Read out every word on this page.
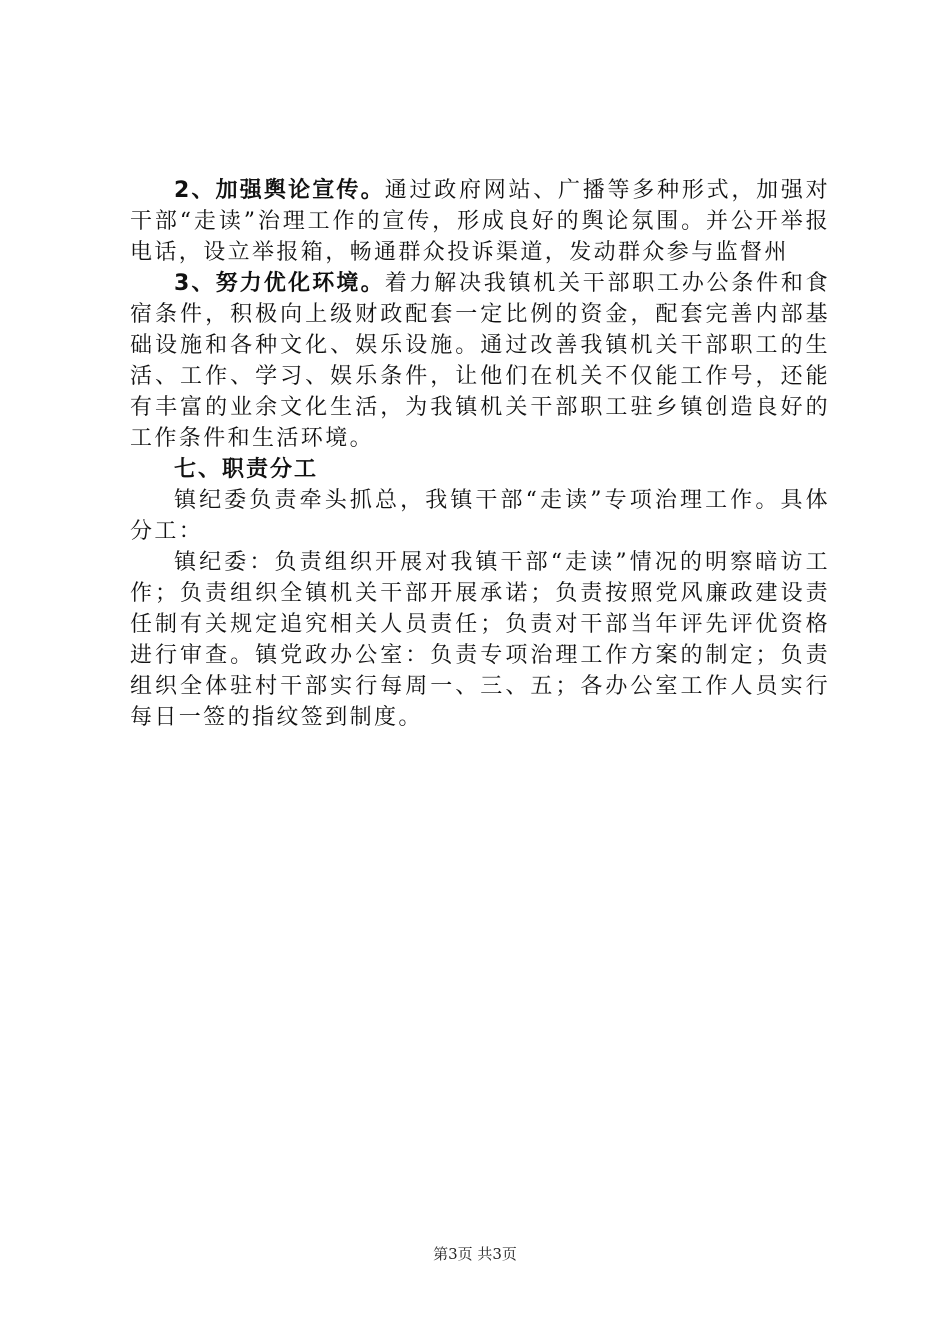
2、加强舆论宣传。通过政府网站、广播等多种形式，加强对干部“走读”治理工作的宣传，形成良好的舆论氛围。并公开举报电话，设立举报箱，畅通群众投诉渠道，发动群众参与监督州

3、努力优化环境。着力解决我镇机关干部职工办公条件和食宿条件，积极向上级财政配套一定比例的资金，配套完善内部基础设施和各种文化、娱乐设施。通过改善我镇机关干部职工的生活、工作、学习、娱乐条件，让他们在机关不仅能工作号，还能有丰富的业余文化生活，为我镇机关干部职工驻乡镇创造良好的工作条件和生活环境。

七、职责分工

镇纪委负责牵头抓总，我镇干部“走读”专项治理工作。具体分工：

镇纪委：负责组织开展对我镇干部“走读”情况的明察暗访工作；负责组织全镇机关干部开展承诺；负责按照党风廉政建设责任制有关规定追究相关人员责任；负责对干部当年评先评优资格进行审查。镇党政办公室：负责专项治理工作方案的制定；负责组织全体驻村干部实行每周一、三、五；各办公室工作人员实行每日一签的指纹签到制度。

第3页 共3页
